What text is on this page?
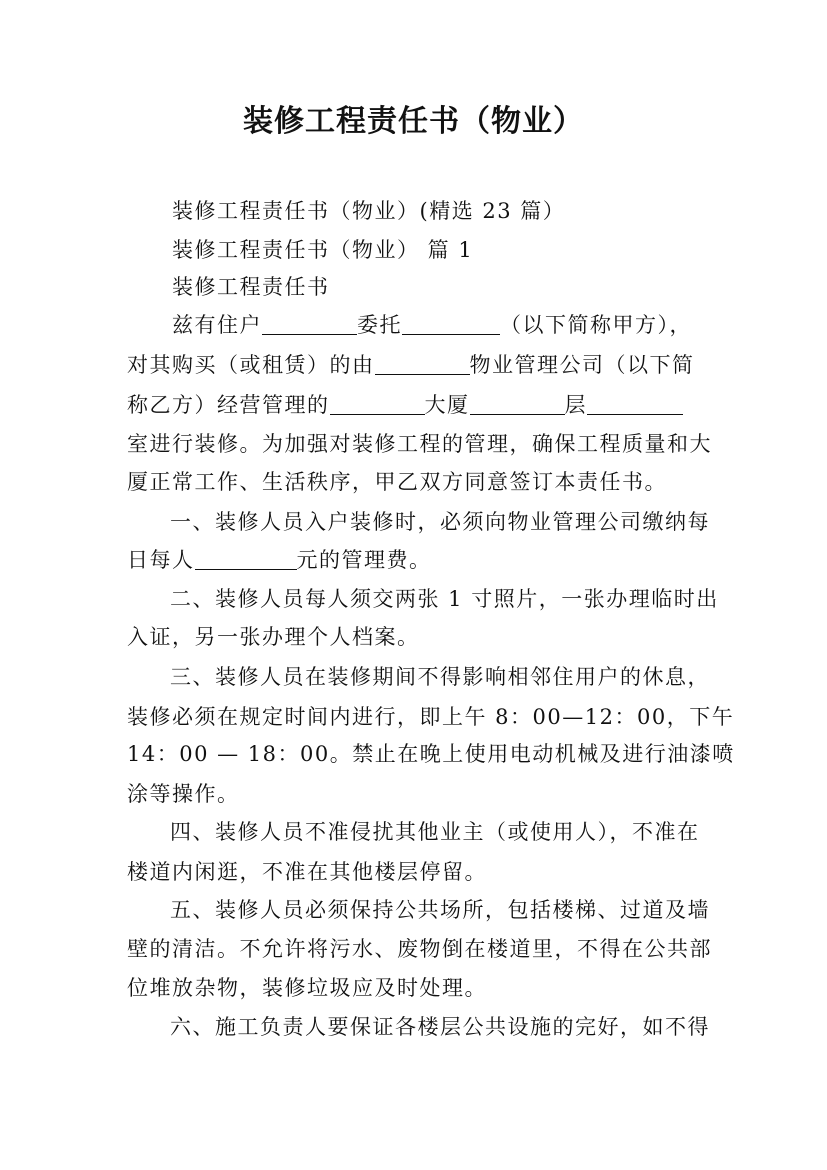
装修工程责任书（物业）
装修工程责任书（物业）(精选 23 篇）
装修工程责任书（物业） 篇 1
装修工程责任书
兹有住户	委托	（以下简称甲方），
对其购买（或租赁）的由	物业管理公司（以下简
称乙方）经营管理的	大厦	层
室进行装修。为加强对装修工程的管理，确保工程质量和大
厦正常工作、生活秩序，甲乙双方同意签订本责任书。
一、装修人员入户装修时，必须向物业管理公司缴纳每
日每人	元的管理费。
二、装修人员每人须交两张 1 寸照片，一张办理临时出
入证，另一张办理个人档案。
三、装修人员在装修期间不得影响相邻住用户的休息，
装修必须在规定时间内进行，即上午 8：00—12：00，下午
14：00 — 18：00。禁止在晚上使用电动机械及进行油漆喷
涂等操作。
四、装修人员不准侵扰其他业主（或使用人），不准在
楼道内闲逛，不准在其他楼层停留。
五、装修人员必须保持公共场所，包括楼梯、过道及墙
壁的清洁。不允许将污水、废物倒在楼道里，不得在公共部
位堆放杂物，装修垃圾应及时处理。
六、施工负责人要保证各楼层公共设施的完好，如不得
